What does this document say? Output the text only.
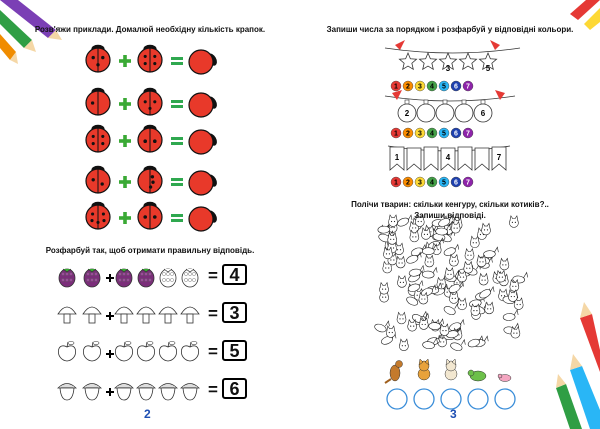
Розв'яжи приклади. Домалюй необхідну кількість крапок.
Розфарбуй так, щоб отримати правильну відповідь.
= 4
= 3
= 5
= 6
2
3	5
1 2 3 4 5 6 7
2	6
1 2 3 4 5 6 7
1	4	7
1 2 3 4 5 6 7
Запиши числа за порядком і розфарбуй у відповідні кольори.
Полічи тварин: скільки кенгуру, скільки котиків?..
Запиши відповіді.
3
